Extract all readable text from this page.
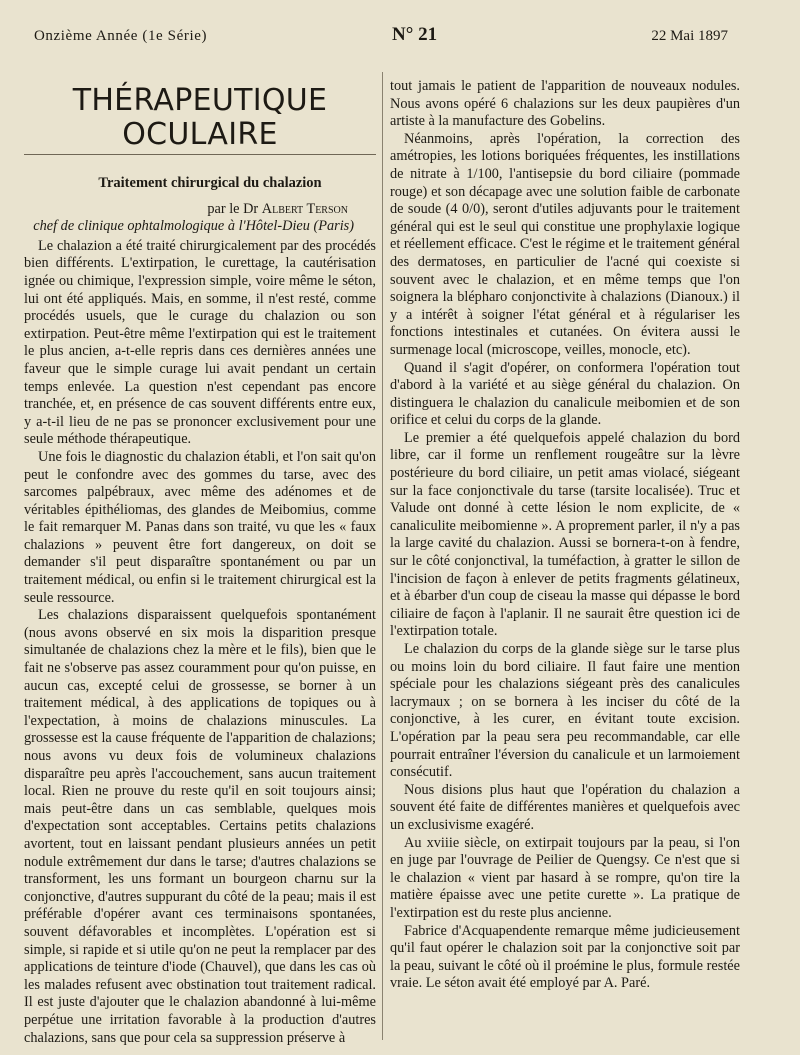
Onzième Année (1e Série)	N° 21	22 Mai 1897
THÉRAPEUTIQUE OCULAIRE
Traitement chirurgical du chalazion
par le Dr Albert Terson
chef de clinique ophtalmologique à l'Hôtel-Dieu (Paris)

Le chalazion a été traité chirurgicalement par des procédés bien différents. L'extirpation, le curettage, la cautérisation ignée ou chimique, l'expression simple, voire même le séton, lui ont été appliqués. Mais, en somme, il n'est resté, comme procédés usuels, que le curage du chalazion ou son extirpation. Peut-être même l'extirpation qui est le traitement le plus ancien, a-t-elle repris dans ces dernières années une faveur que le simple curage lui avait pendant un certain temps enlevée. La question n'est cependant pas encore tranchée, et, en présence de cas souvent différents entre eux, y a-t-il lieu de ne pas se prononcer exclusivement pour une seule méthode thérapeutique.

Une fois le diagnostic du chalazion établi, et l'on sait qu'on peut le confondre avec des gommes du tarse, avec des sarcomes palpébraux, avec même des adénomes et de véritables épithéliomas, des glandes de Meibomius, comme le fait remarquer M. Panas dans son traité, vu que les « faux chalazions » peuvent être fort dangereux, on doit se demander s'il peut disparaître spontanément ou par un traitement médical, ou enfin si le traitement chirurgical est la seule ressource.

Les chalazions disparaissent quelquefois spontanément (nous avons observé en six mois la disparition presque simultanée de chalazions chez la mère et le fils), bien que le fait ne s'observe pas assez couramment pour qu'on puisse, en aucun cas, excepté celui de grossesse, se borner à un traitement médical, à des applications de topiques ou à l'expectation, à moins de chalazions minuscules. La grossesse est la cause fréquente de l'apparition de chalazions; nous avons vu deux fois de volumineux chalazions disparaître peu après l'accouchement, sans aucun traitement local. Rien ne prouve du reste qu'il en soit toujours ainsi; mais peut-être dans un cas semblable, quelques mois d'expectation sont acceptables. Certains petits chalazions avortent, tout en laissant pendant plusieurs années un petit nodule extrêmement dur dans le tarse; d'autres chalazions se transforment, les uns formant un bourgeon charnu sur la conjonctive, d'autres suppurant du côté de la peau; mais il est préférable d'opérer avant ces terminaisons spontanées, souvent défavorables et incomplètes. L'opération est si simple, si rapide et si utile qu'on ne peut la remplacer par des applications de teinture d'iode (Chauvel), que dans les cas où les malades refusent avec obstination tout traitement radical. Il est juste d'ajouter que le chalazion abandonné à lui-même perpétue une irritation favorable à la production d'autres chalazions, sans que pour cela sa suppression préserve à

tout jamais le patient de l'apparition de nouveaux nodules. Nous avons opéré 6 chalazions sur les deux paupières d'un artiste à la manufacture des Gobelins.

Néanmoins, après l'opération, la correction des amétropies, les lotions boriquées fréquentes, les instillations de nitrate à 1/100, l'antisepsie du bord ciliaire (pommade rouge) et son décapage avec une solution faible de carbonate de soude (4 0/0), seront d'utiles adjuvants pour le traitement général qui est le seul qui constitue une prophylaxie logique et réellement efficace. C'est le régime et le traitement général des dermatoses, en particulier de l'acné qui coexiste si souvent avec le chalazion, et en même temps que l'on soignera la blépharo conjonctivite à chalazions (Dianoux.) il y a intérêt à soigner l'état général et à régulariser les fonctions intestinales et cutanées. On évitera aussi le surmenage local (microscope, veilles, monocle, etc).

Quand il s'agit d'opérer, on conformera l'opération tout d'abord à la variété et au siège général du chalazion. On distinguera le chalazion du canalicule meibomien et de son orifice et celui du corps de la glande.

Le premier a été quelquefois appelé chalazion du bord libre, car il forme un renflement rougeâtre sur la lèvre postérieure du bord ciliaire, un petit amas violacé, siégeant sur la face conjonctivale du tarse (tarsite localisée). Truc et Valude ont donné à cette lésion le nom explicite, de « canaliculite meibomienne ». A proprement parler, il n'y a pas la large cavité du chalazion. Aussi se bornera-t-on à fendre, sur le côté conjonctival, la tuméfaction, à gratter le sillon de l'incision de façon à enlever de petits fragments gélatineux, et à ébarber d'un coup de ciseau la masse qui dépasse le bord ciliaire de façon à l'aplanir. Il ne saurait être question ici de l'extirpation totale.

Le chalazion du corps de la glande siège sur le tarse plus ou moins loin du bord ciliaire. Il faut faire une mention spéciale pour les chalazions siégeant près des canalicules lacrymaux ; on se bornera à les inciser du côté de la conjonctive, à les curer, en évitant toute excision. L'opération par la peau sera peu recommandable, car elle pourrait entraîner l'éversion du canalicule et un larmoiement consécutif.

Nous disions plus haut que l'opération du chalazion a souvent été faite de différentes manières et quelquefois avec un exclusivisme exagéré.

Au xviiie siècle, on extirpait toujours par la peau, si l'on en juge par l'ouvrage de Peilier de Quengsy. Ce n'est que si le chalazion « vient par hasard à se rompre, qu'on tire la matière épaisse avec une petite curette ». La pratique de l'extirpation est du reste plus ancienne.

Fabrice d'Acquapendente remarque même judicieusement qu'il faut opérer le chalazion soit par la conjonctive soit par la peau, suivant le côté où il proémine le plus, formule restée vraie. Le séton avait été employé par A. Paré.
